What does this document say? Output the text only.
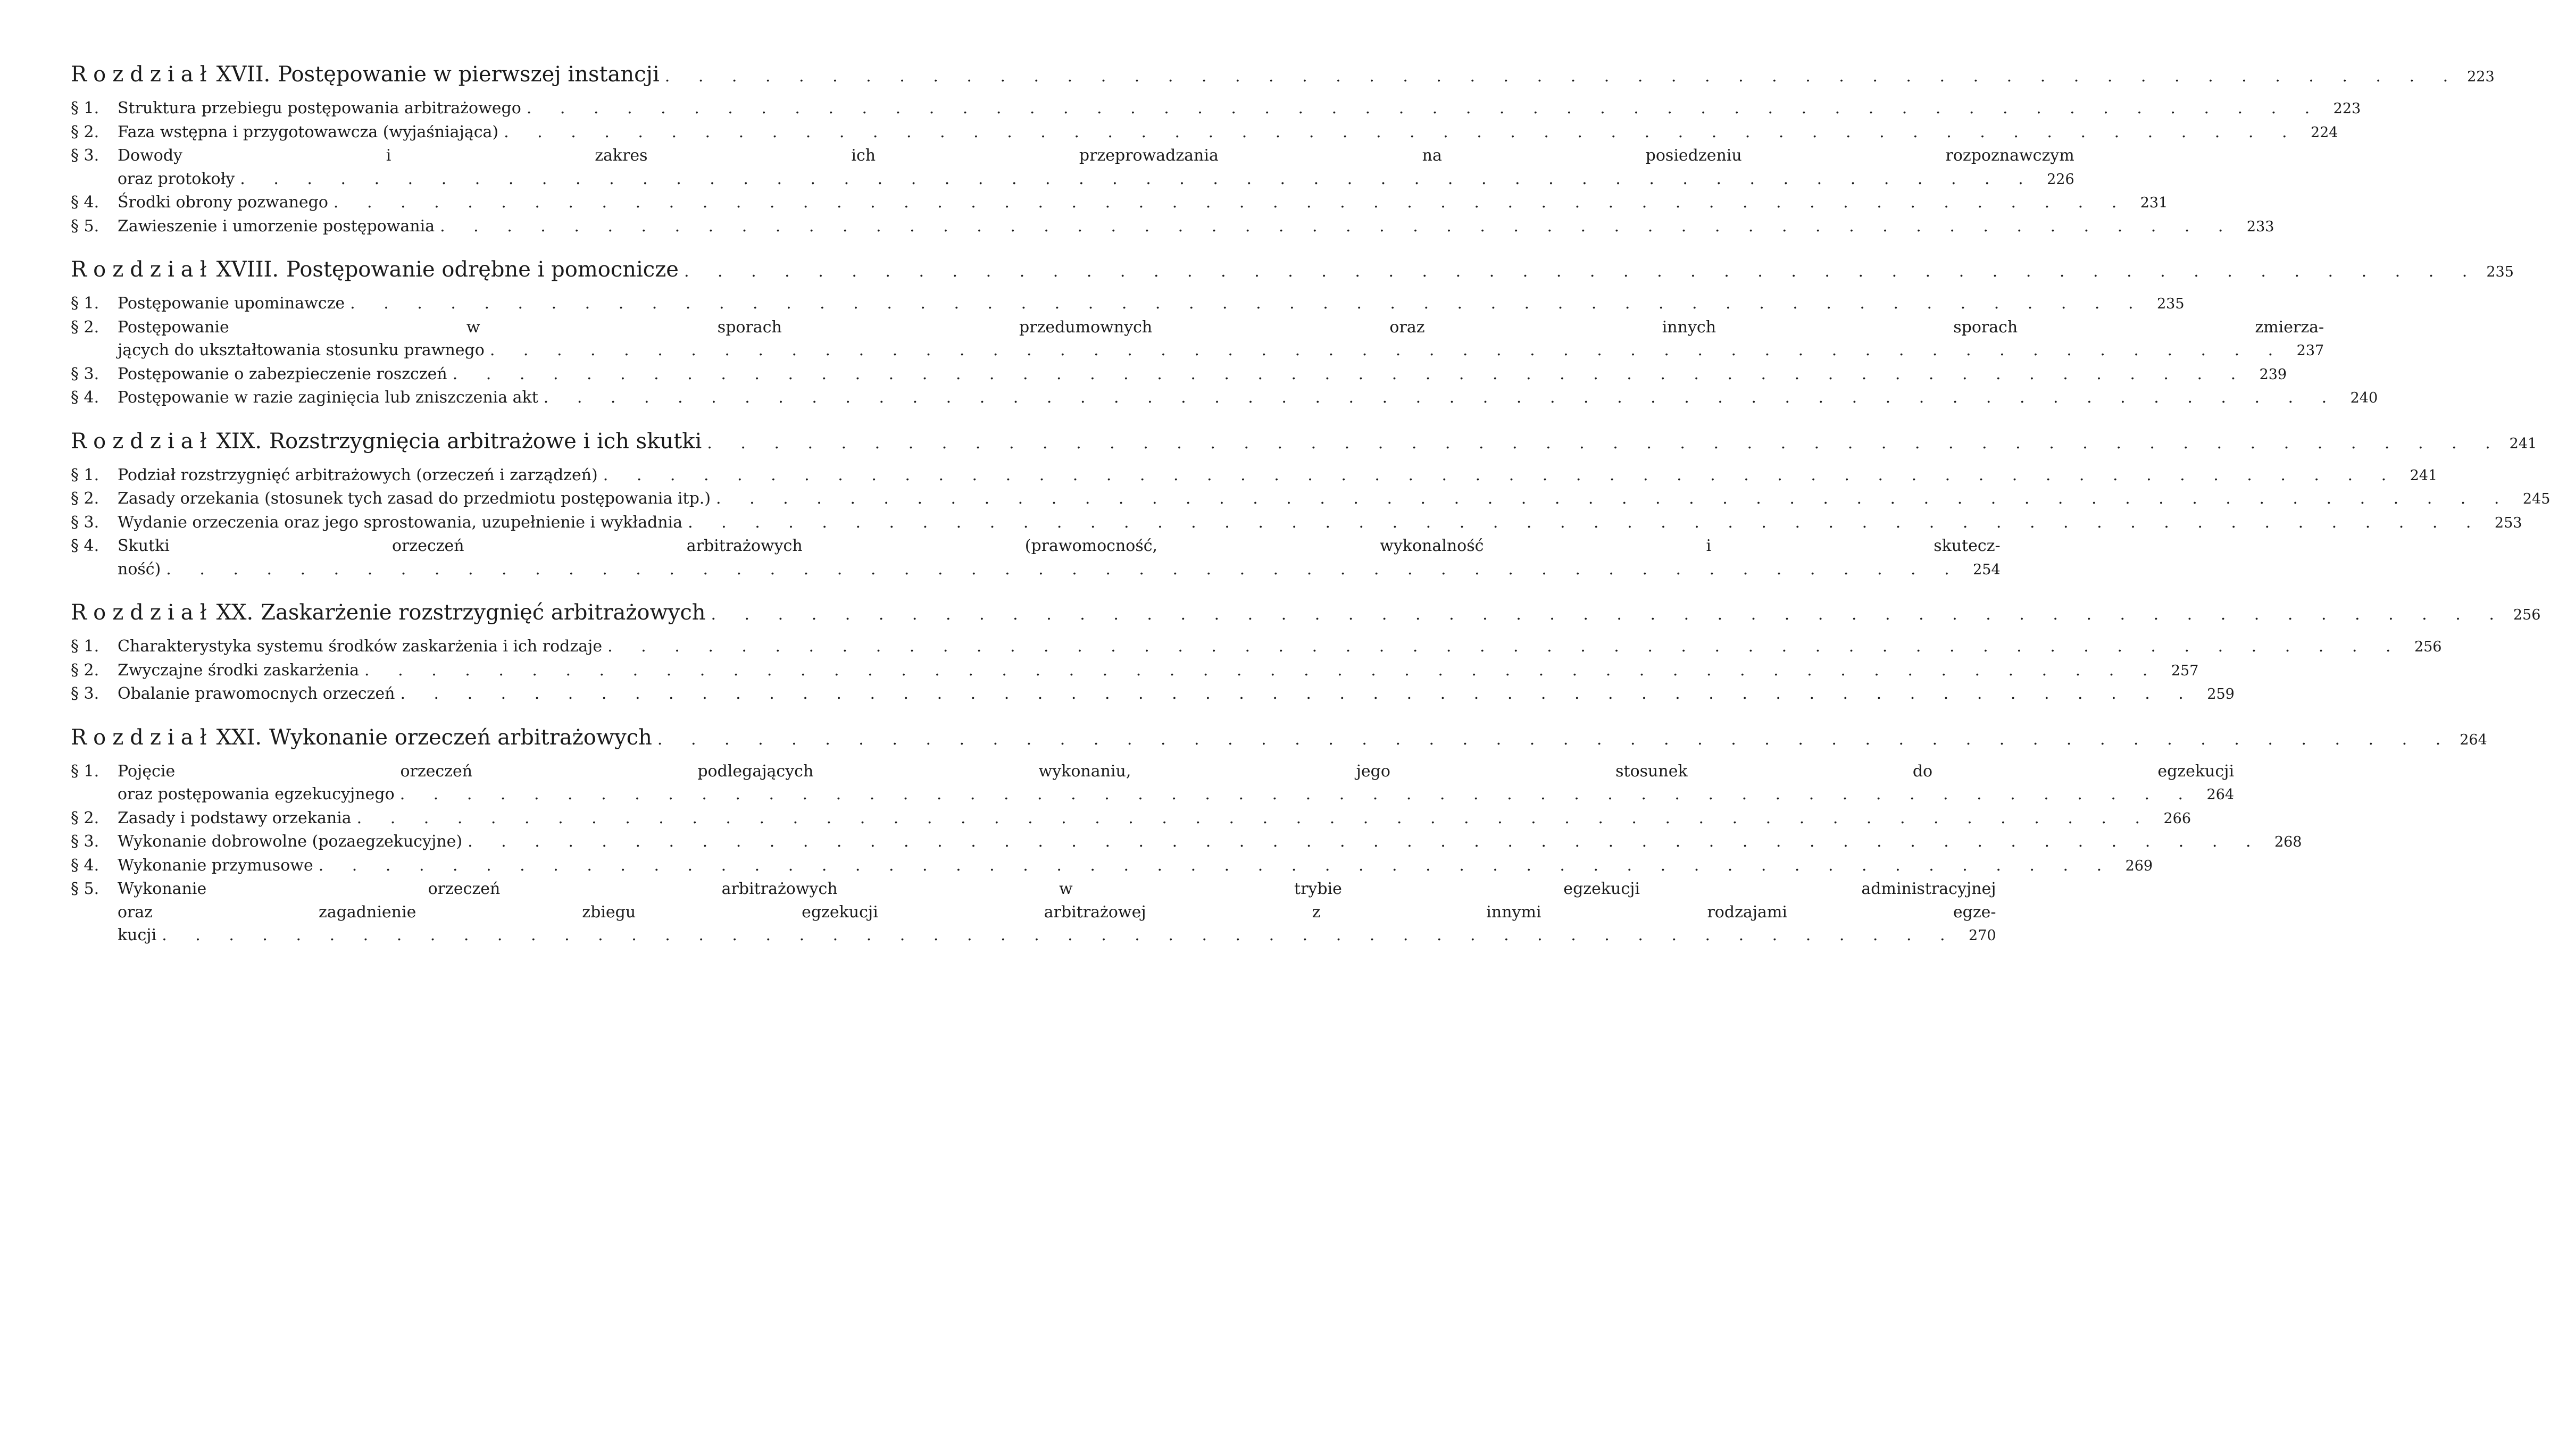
Rozdział XVII. Postępowanie w pierwszej instancji . . . . . . . . . . . . . . . . . . . . . . . . . . . . . . . . . . . . . . . . . . . . . . . . . . . . . . 223
§ 1.	Struktura przebiegu postępowania arbitrażowego . . . . . . . . . . . . . . . . . . . . . . . . . . . . . . . . . . . . . . . . . . . . . . . . . . . . . . 223
§ 2.	Faza wstępna i przygotowawcza (wyjaśniająca) . . . . . . . . . . . . . . . . . . . . . . . . . . . . . . . . . . . . . . . . . . . . . . . . . . . . . . 224
§ 3.	Dowody i zakres ich przeprowadzania na posiedzeniu rozpoznawczym
oraz protokoły . . . . . . . . . . . . . . . . . . . . . . . . . . . . . . . . . . . . . . . . . . . . . . . . . . . . . . 226
§ 4.	Środki obrony pozwanego . . . . . . . . . . . . . . . . . . . . . . . . . . . . . . . . . . . . . . . . . . . . . . . . . . . . . . 231
§ 5.	Zawieszenie i umorzenie postępowania . . . . . . . . . . . . . . . . . . . . . . . . . . . . . . . . . . . . . . . . . . . . . . . . . . . . . . 233
Rozdział XVIII. Postępowanie odrębne i pomocnicze . . . . . . . . . . . . . . . . . . . . . . . . . . . . . . . . . . . . . . . . . . . . . . . . . . . . . . 235
§ 1.	Postępowanie upominawcze . . . . . . . . . . . . . . . . . . . . . . . . . . . . . . . . . . . . . . . . . . . . . . . . . . . . . . 235
§ 2.	Postępowanie w sporach przedumownych oraz innych sporach zmierza-
jących do ukształtowania stosunku prawnego . . . . . . . . . . . . . . . . . . . . . . . . . . . . . . . . . . . . . . . . . . . . . . . . . . . . . . 237
§ 3.	Postępowanie o zabezpieczenie roszczeń . . . . . . . . . . . . . . . . . . . . . . . . . . . . . . . . . . . . . . . . . . . . . . . . . . . . . . 239
§ 4.	Postępowanie w razie zaginięcia lub zniszczenia akt . . . . . . . . . . . . . . . . . . . . . . . . . . . . . . . . . . . . . . . . . . . . . . . . . . . . . . 240
Rozdział XIX. Rozstrzygnięcia arbitrażowe i ich skutki . . . . . . . . . . . . . . . . . . . . . . . . . . . . . . . . . . . . . . . . . . . . . . . . . . . . . . 241
§ 1.	Podział rozstrzygnięć arbitrażowych (orzeczeń i zarządzeń) . . . . . . . . . . . . . . . . . . . . . . . . . . . . . . . . . . . . . . . . . . . . . . . . . . . . . . 241
§ 2.	Zasady orzekania (stosunek tych zasad do przedmiotu postępowania itp.) . . . . . . . . . . . . . . . . . . . . . . . . . . . . . . . . . . . . . . . . . . . . . . . . . . . . . . 245
§ 3.	Wydanie orzeczenia oraz jego sprostowania, uzupełnienie i wykładnia . . . . . . . . . . . . . . . . . . . . . . . . . . . . . . . . . . . . . . . . . . . . . . . . . . . . . . 253
§ 4.	Skutki orzeczeń arbitrażowych (prawomocność, wykonalność i skutecz-
ność) . . . . . . . . . . . . . . . . . . . . . . . . . . . . . . . . . . . . . . . . . . . . . . . . . . . . . . 254
Rozdział XX. Zaskarżenie rozstrzygnięć arbitrażowych . . . . . . . . . . . . . . . . . . . . . . . . . . . . . . . . . . . . . . . . . . . . . . . . . . . . . . 256
§ 1.	Charakterystyka systemu środków zaskarżenia i ich rodzaje . . . . . . . . . . . . . . . . . . . . . . . . . . . . . . . . . . . . . . . . . . . . . . . . . . . . . . 256
§ 2.	Zwyczajne środki zaskarżenia . . . . . . . . . . . . . . . . . . . . . . . . . . . . . . . . . . . . . . . . . . . . . . . . . . . . . . 257
§ 3.	Obalanie prawomocnych orzeczeń . . . . . . . . . . . . . . . . . . . . . . . . . . . . . . . . . . . . . . . . . . . . . . . . . . . . . . 259
Rozdział XXI. Wykonanie orzeczeń arbitrażowych . . . . . . . . . . . . . . . . . . . . . . . . . . . . . . . . . . . . . . . . . . . . . . . . . . . . . . 264
§ 1.	Pojęcie orzeczeń podlegających wykonaniu, jego stosunek do egzekucji
oraz postępowania egzekucyjnego . . . . . . . . . . . . . . . . . . . . . . . . . . . . . . . . . . . . . . . . . . . . . . . . . . . . . . 264
§ 2.	Zasady i podstawy orzekania . . . . . . . . . . . . . . . . . . . . . . . . . . . . . . . . . . . . . . . . . . . . . . . . . . . . . . 266
§ 3.	Wykonanie dobrowolne (pozaegzekucyjne) . . . . . . . . . . . . . . . . . . . . . . . . . . . . . . . . . . . . . . . . . . . . . . . . . . . . . . 268
§ 4.	Wykonanie przymusowe . . . . . . . . . . . . . . . . . . . . . . . . . . . . . . . . . . . . . . . . . . . . . . . . . . . . . . 269
§ 5.	Wykonanie orzeczeń arbitrażowych w trybie egzekucji administracyjnej
oraz zagadnienie zbiegu egzekucji arbitrażowej z innymi rodzajami egze-
kucji . . . . . . . . . . . . . . . . . . . . . . . . . . . . . . . . . . . . . . . . . . . . . . . . . . . . . . 270
